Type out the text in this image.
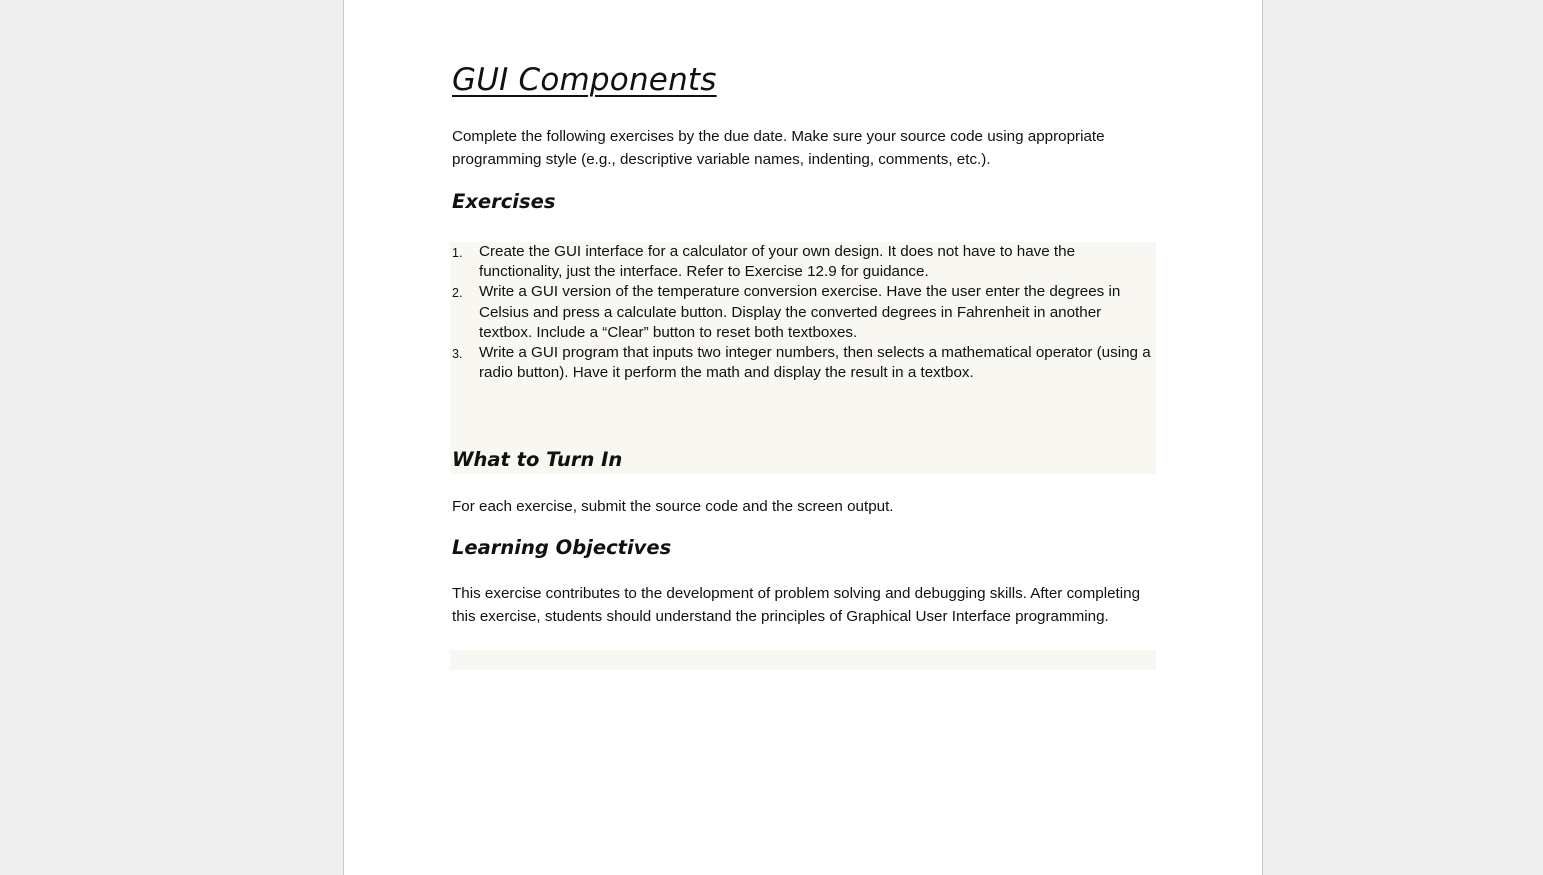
GUI Components

Complete the following exercises by the due date. Make sure your source code using appropriate programming style (e.g., descriptive variable names, indenting, comments, etc.).

Exercises
1. Create the GUI interface for a calculator of your own design. It does not have to have the functionality, just the interface. Refer to Exercise 12.9 for guidance.
2. Write a GUI version of the temperature conversion exercise. Have the user enter the degrees in Celsius and press a calculate button. Display the converted degrees in Fahrenheit in another textbox. Include a “Clear” button to reset both textboxes.
3. Write a GUI program that inputs two integer numbers, then selects a mathematical operator (using a radio button). Have it perform the math and display the result in a textbox.
What to Turn In

For each exercise, submit the source code and the screen output.

Learning Objectives

This exercise contributes to the development of problem solving and debugging skills. After completing this exercise, students should understand the principles of Graphical User Interface programming.
